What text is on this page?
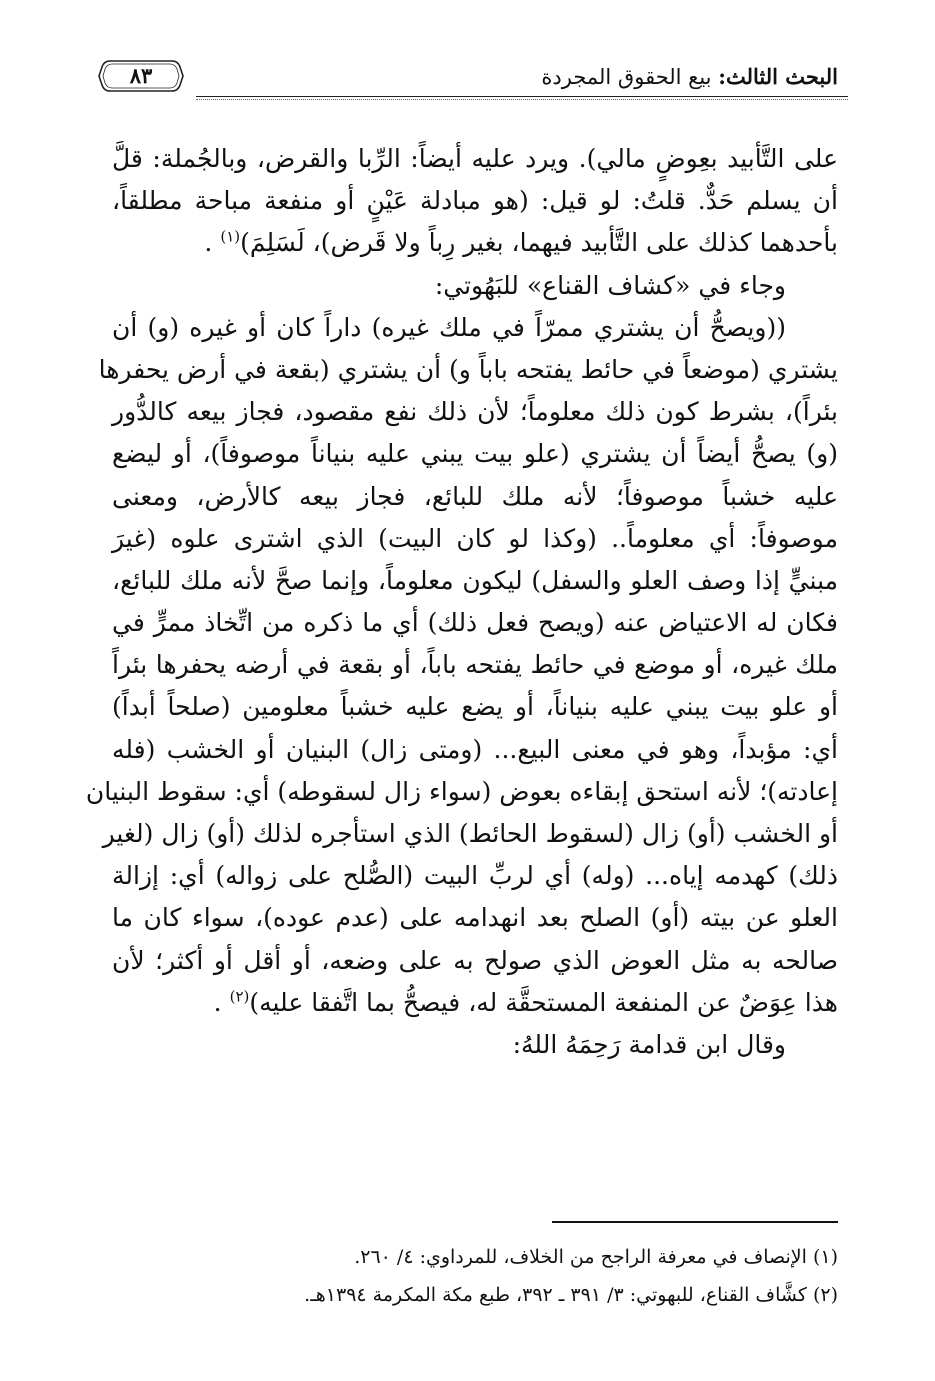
٨٣	البحث الثالث: بيع الحقوق المجردة
على التَّأبيد بعِوضٍ مالي). ويرد عليه أيضاً: الرِّبا والقرض، وبالجُملة: قلَّ
أن يسلم حَدٌّ. قلتُ: لو قيل: (هو مبادلة عَيْنٍ أو منفعة مباحة مطلقاً،
بأحدهما كذلك على التَّأبيد فيهما، بغير رِباً ولا قَرض)، لَسَلِمَ)$^{(١)}$ .
وجاء في «كشاف القناع» للبَهُوتي:
((ويصحُّ أن يشتري ممرّاً في ملك غيره) داراً كان أو غيره (و) أن
يشتري (موضعاً في حائط يفتحه باباً و) أن يشتري (بقعة في أرض يحفرها
بئراً)، بشرط كون ذلك معلوماً؛ لأن ذلك نفع مقصود، فجاز بيعه كالدُّور
(و) يصحُّ أيضاً أن يشتري (علو بيت يبني عليه بنياناً موصوفاً)، أو ليضع
عليه خشباً موصوفاً؛ لأنه ملك للبائع، فجاز بيعه كالأرض، ومعنى
موصوفاً: أي معلوماً.. (وكذا لو كان البيت) الذي اشترى علوه (غيرَ
مبنيٍّ إذا وصف العلو والسفل) ليكون معلوماً، وإنما صحَّ لأنه ملك للبائع،
فكان له الاعتياض عنه (ويصح فعل ذلك) أي ما ذكره من اتِّخاذ ممرٍّ في
ملك غيره، أو موضع في حائط يفتحه باباً، أو بقعة في أرضه يحفرها بئراً
أو علو بيت يبني عليه بنياناً، أو يضع عليه خشباً معلومين (صلحاً أبداً)
أي: مؤبداً، وهو في معنى البيع... (ومتى زال) البنيان أو الخشب (فله
إعادته)؛ لأنه استحق إبقاءه بعوض (سواء زال لسقوطه) أي: سقوط البنيان
أو الخشب (أو) زال (لسقوط الحائط) الذي استأجره لذلك (أو) زال (لغير
ذلك) كهدمه إياه... (وله) أي لربِّ البيت (الصُّلح على زواله) أي: إزالة
العلو عن بيته (أو) الصلح بعد انهدامه على (عدم عوده)، سواء كان ما
صالحه به مثل العوض الذي صولح به على وضعه، أو أقل أو أكثر؛ لأن
هذا عِوَضٌ عن المنفعة المستحقَّة له، فيصحُّ بما اتَّفقا عليه)$^{(٢)}$ .
وقال ابن قدامة رَحِمَهُ اللهُ:
(١) الإنصاف في معرفة الراجح من الخلاف، للمرداوي: ٤/ ٢٦٠.
(٢) كشَّاف القناع، للبهوتي: ٣/ ٣٩١ ـ ٣٩٢، طبع مكة المكرمة ١٣٩٤هـ.
